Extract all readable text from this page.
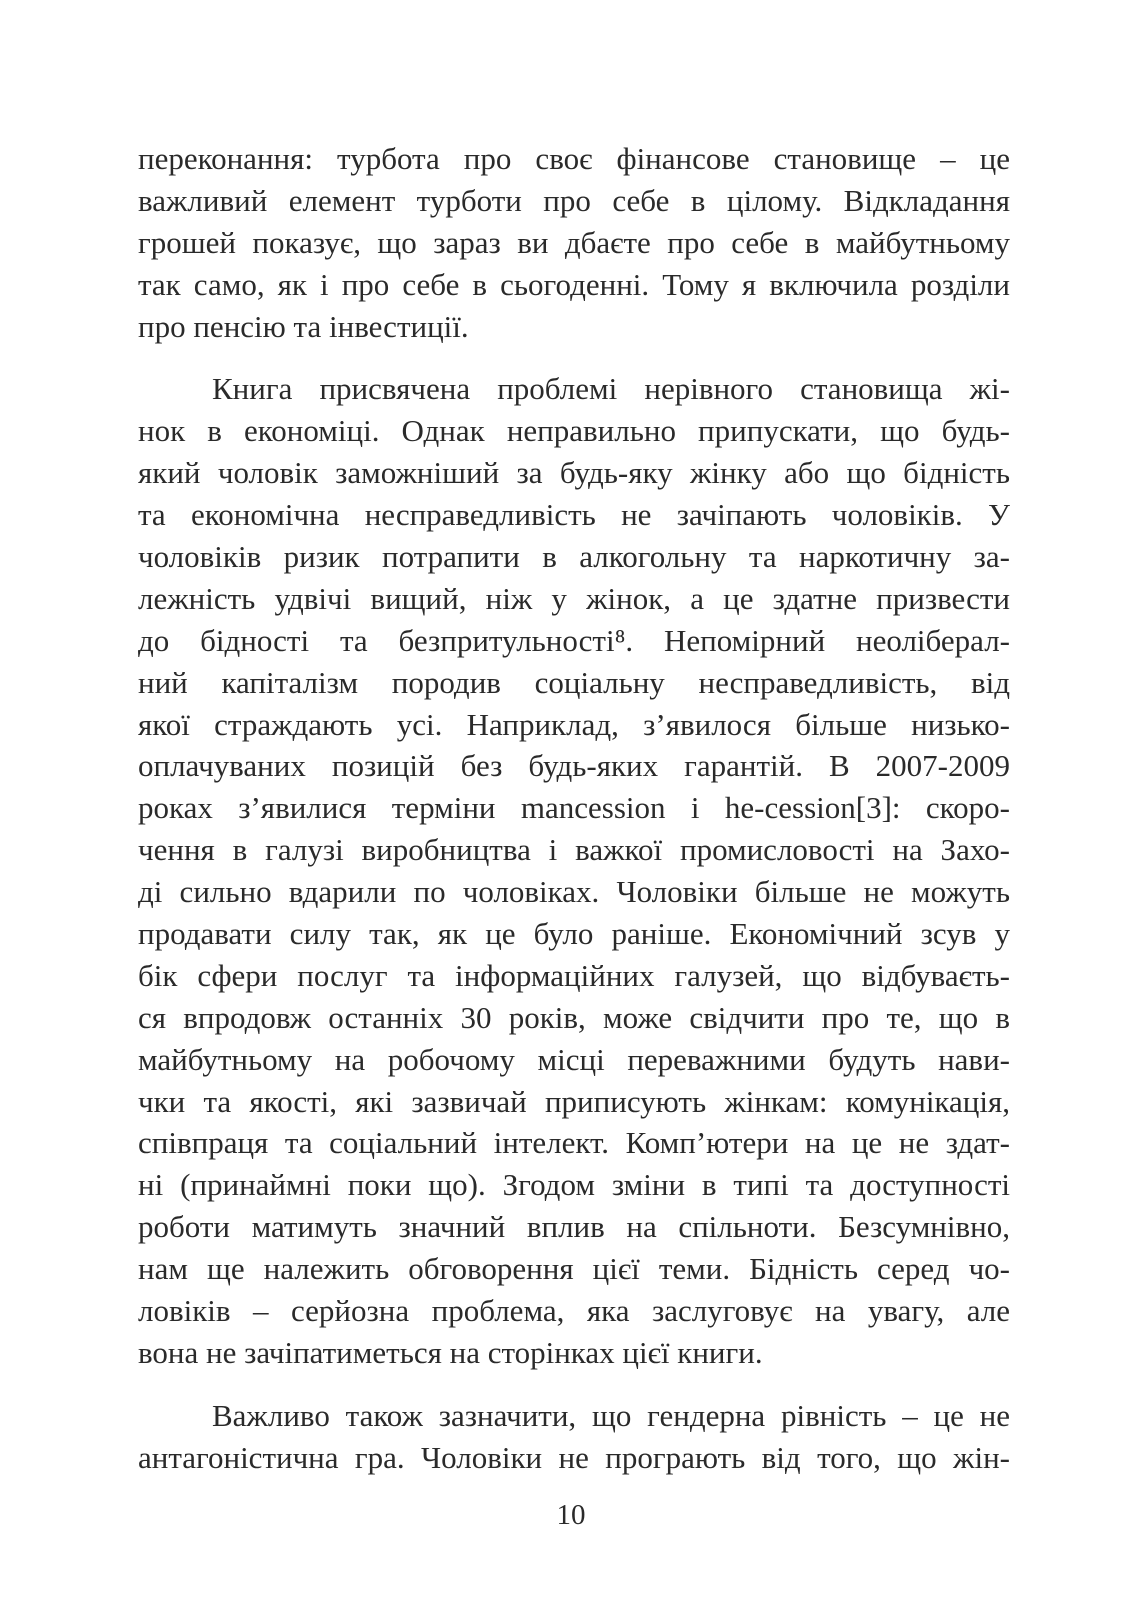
переконання: турбота про своє фінансове становище – це
важливий елемент турботи про себе в цілому. Відкладання
грошей показує, що зараз ви дбаєте про себе в майбутньому
так само, як і про себе в сьогоденні. Тому я включила розділи
про пенсію та інвестиції.
Книга присвячена проблемі нерівного становища жі-
нок в економіці. Однак неправильно припускати, що будь-
який чоловік заможніший за будь-яку жінку або що бідність
та економічна несправедливість не зачіпають чоловіків. У
чоловіків ризик потрапити в алкогольну та наркотичну за-
лежність удвічі вищий, ніж у жінок, а це здатне призвести
до бідності та безпритульності⁸. Непомірний неоліберал-
ний капіталізм породив соціальну несправедливість, від
якої страждають усі. Наприклад, з’явилося більше низько-
оплачуваних позицій без будь-яких гарантій. В 2007-2009
роках з’явилися терміни mancession і he-cession[3]: скоро-
чення в галузі виробництва і важкої промисловості на Захо-
ді сильно вдарили по чоловіках. Чоловіки більше не можуть
продавати силу так, як це було раніше. Економічний зсув у
бік сфери послуг та інформаційних галузей, що відбуваєть-
ся впродовж останніх 30 років, може свідчити про те, що в
майбутньому на робочому місці переважними будуть нави-
чки та якості, які зазвичай приписують жінкам: комунікація,
співпраця та соціальний інтелект. Комп’ютери на це не здат-
ні (принаймні поки що). Згодом зміни в типі та доступності
роботи матимуть значний вплив на спільноти. Безсумнівно,
нам ще належить обговорення цієї теми. Бідність серед чо-
ловіків – серйозна проблема, яка заслуговує на увагу, але
вона не зачіпатиметься на сторінках цієї книги.
Важливо також зазначити, що гендерна рівність – це не
антагоністична гра. Чоловіки не програють від того, що жін-
10
